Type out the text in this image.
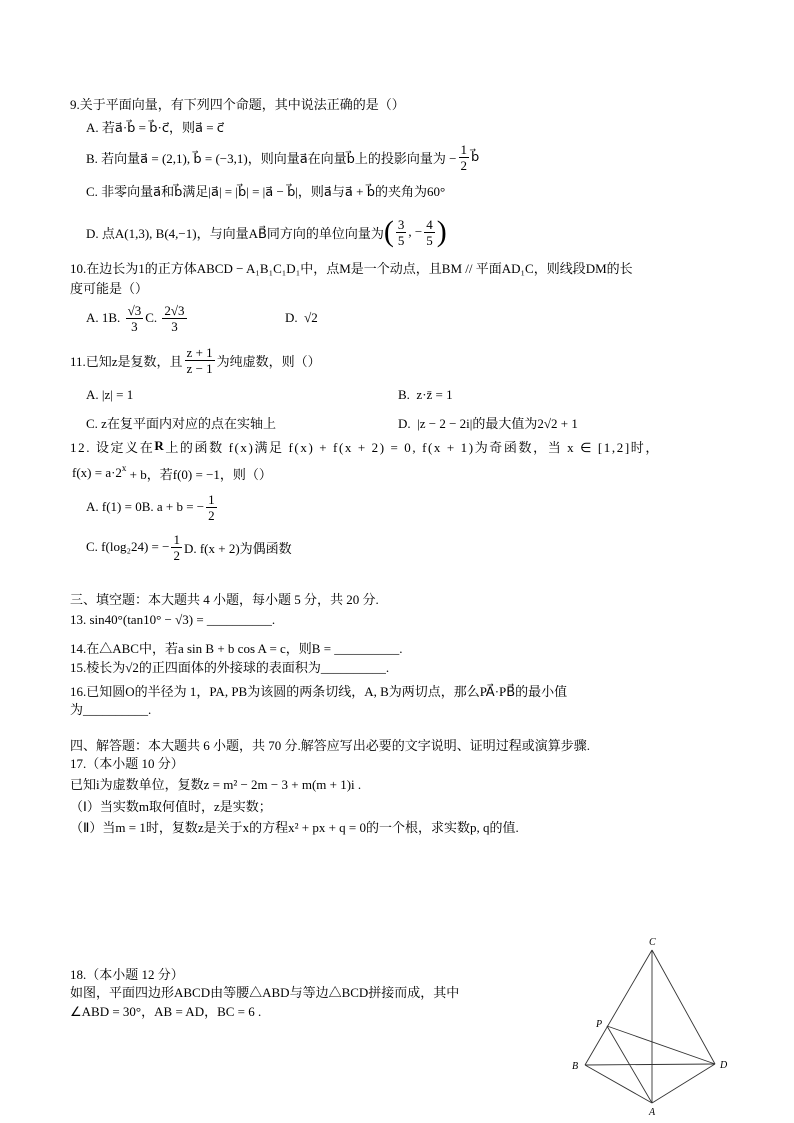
9.关于平面向量，有下列四个命题，其中说法正确的是（）
A. 若a⃗·b⃗ = b⃗·c⃗，则a⃗ = c⃗
B. 若向量a⃗ = (2,1), b⃗ = (−3,1)，则向量a⃗在向量b⃗上的投影向量为 − $\frac{1}{2}$ b⃗
C. 非零向量a⃗和b⃗满足|a⃗| = |b⃗| = |a⃗ − b⃗|，则a⃗与a⃗ + b⃗的夹角为60°
D. 点A(1,3), B(4,−1)，与向量AB⃗同方向的单位向量为 ( $\frac{3}{5}$ , − $\frac{4}{5}$ )
10.在边长为1的正方体ABCD − A₁B₁C₁D₁中，点M是一个动点，且BM // 平面AD₁C，则线段DM的长
度可能是（）
A. 1B. $\frac{√3}{3} C$. $\frac{2√3}{3}$	D.  √2
11.已知z是复数，且 $\frac{z + 1}{z - 1}$ 为纯虚数，则（）
A. |z| = 1	B.  z·z̄ = 1
C. z在复平面内对应的点在实轴上	D.  |z − 2 − 2i|的最大值为2√2 + 1
12. 设定义在 R 上的函数 f(x)满足 f(x) + f(x + 2) = 0, f(x + 1)为奇函数，当 x ∈ [1,2]时，
f(x) = a·2 x + b，若f(0) = −1，则（）
A. f(1) = 0B. a + b = − $\frac{1}{2}$
C. f(log₂24) = − $\frac{1}{2} D$. f(x + 2)为偶函数
三、填空题：本大题共 4 小题，每小题 5 分，共 20 分.
13. sin40°(tan10° − √3) = __________.
14.在△ABC中，若a sin B + b cos A = c，则B = __________.
15.棱长为√2的正四面体的外接球的表面积为__________.
16.已知圆O的半径为 1，PA, PB为该圆的两条切线，A, B为两切点，那么PA⃗·PB⃗的最小值
为__________.
四、解答题：本大题共 6 小题，共 70 分.解答应写出必要的文字说明、证明过程或演算步骤.
17.（本小题 10 分）
已知i为虚数单位，复数z = m² − 2m − 3 + m(m + 1)i .
（Ⅰ）当实数m取何值时，z是实数；
（Ⅱ）当m = 1时，复数z是关于x的方程x² + px + q = 0的一个根，求实数p, q的值.
18.（本小题 12 分）
如图，平面四边形ABCD由等腰△ABD与等边△BCD拼接而成，其中
∠ABD = 30°，AB = AD，BC = 6 .
C
P
B	D
A
